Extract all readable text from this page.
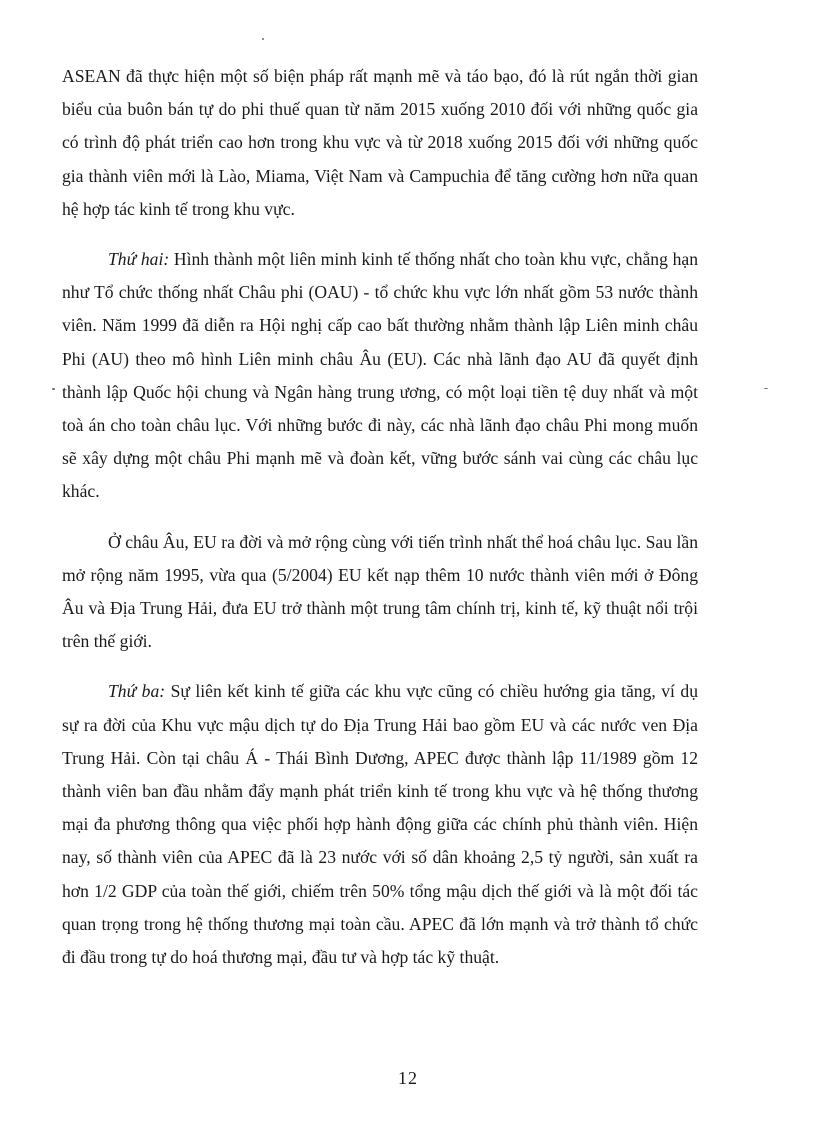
ASEAN đã thực hiện một số biện pháp rất mạnh mẽ và táo bạo, đó là rút ngắn thời gian biểu của buôn bán tự do phi thuế quan từ năm 2015 xuống 2010 đối với những quốc gia có trình độ phát triển cao hơn trong khu vực và từ 2018 xuống 2015 đối với những quốc gia thành viên mới là Lào, Miama, Việt Nam và Campuchia để tăng cường hơn nữa quan hệ hợp tác kinh tế trong khu vực.

Thứ hai: Hình thành một liên minh kinh tế thống nhất cho toàn khu vực, chẳng hạn như Tổ chức thống nhất Châu phi (OAU) - tổ chức khu vực lớn nhất gồm 53 nước thành viên. Năm 1999 đã diễn ra Hội nghị cấp cao bất thường nhằm thành lập Liên minh châu Phi (AU) theo mô hình Liên minh châu Âu (EU). Các nhà lãnh đạo AU đã quyết định thành lập Quốc hội chung và Ngân hàng trung ương, có một loại tiền tệ duy nhất và một toà án cho toàn châu lục. Với những bước đi này, các nhà lãnh đạo châu Phi mong muốn sẽ xây dựng một châu Phi mạnh mẽ và đoàn kết, vững bước sánh vai cùng các châu lục khác.

Ở châu Âu, EU ra đời và mở rộng cùng với tiến trình nhất thể hoá châu lục. Sau lần mở rộng năm 1995, vừa qua (5/2004) EU kết nạp thêm 10 nước thành viên mới ở Đông Âu và Địa Trung Hải, đưa EU trở thành một trung tâm chính trị, kinh tế, kỹ thuật nổi trội trên thế giới.

Thứ ba: Sự liên kết kinh tế giữa các khu vực cũng có chiều hướng gia tăng, ví dụ sự ra đời của Khu vực mậu dịch tự do Địa Trung Hải bao gồm EU và các nước ven Địa Trung Hải. Còn tại châu Á - Thái Bình Dương, APEC được thành lập 11/1989 gồm 12 thành viên ban đầu nhằm đẩy mạnh phát triển kinh tế trong khu vực và hệ thống thương mại đa phương thông qua việc phối hợp hành động giữa các chính phủ thành viên. Hiện nay, số thành viên của APEC đã là 23 nước với số dân khoảng 2,5 tỷ người, sản xuất ra hơn 1/2 GDP của toàn thế giới, chiếm trên 50% tổng mậu dịch thế giới và là một đối tác quan trọng trong hệ thống thương mại toàn cầu. APEC đã lớn mạnh và trở thành tổ chức đi đầu trong tự do hoá thương mại, đầu tư và hợp tác kỹ thuật.

12
